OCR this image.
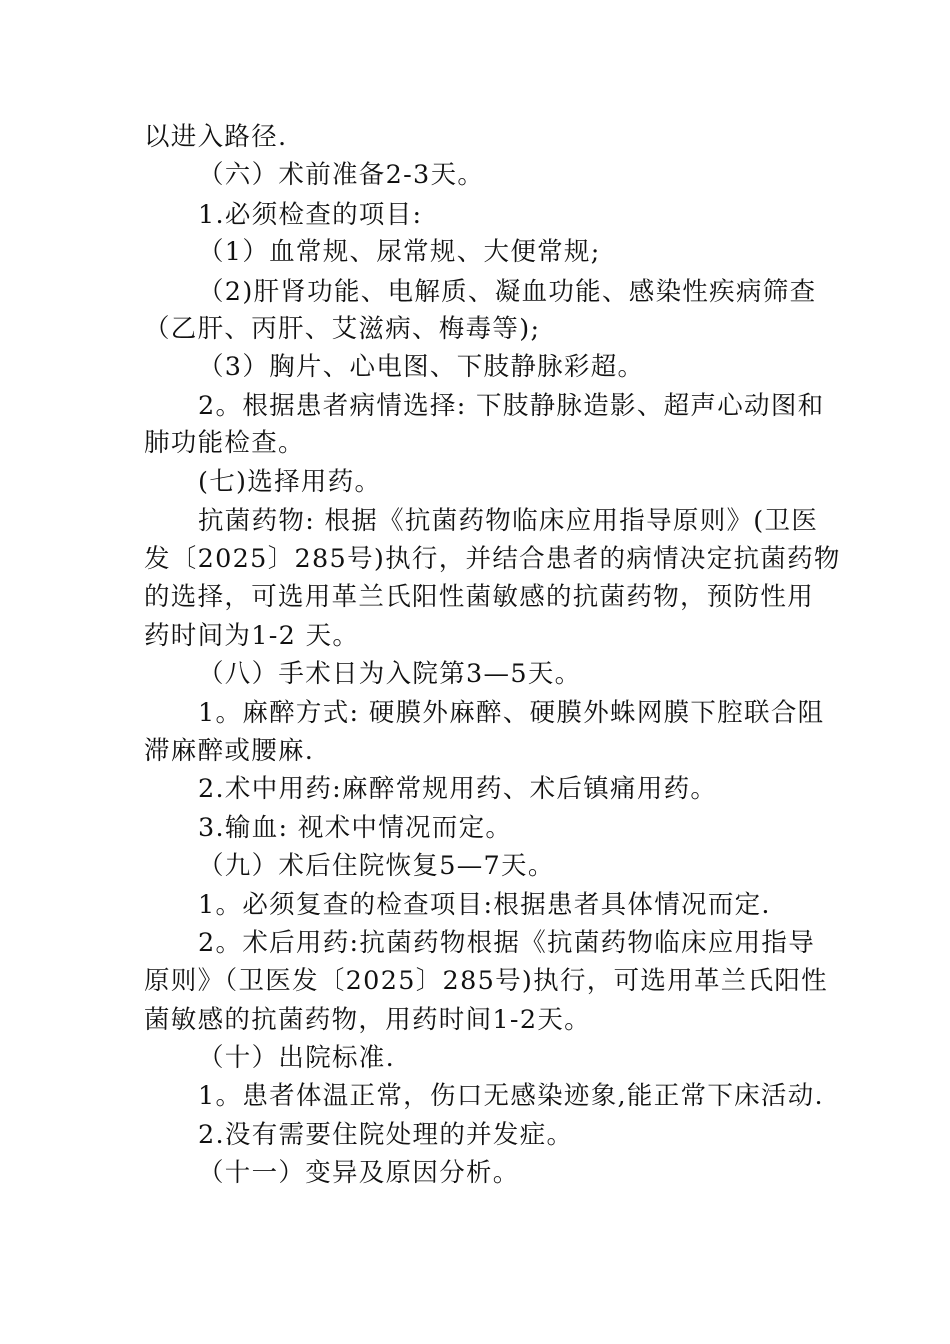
以进入路径.

（六）术前准备2-3天。

1.必须检查的项目:

（1）血常规、尿常规、大便常规;

（2)肝肾功能、电解质、凝血功能、感染性疾病筛查

（乙肝、丙肝、艾滋病、梅毒等);

（3）胸片、心电图、下肢静脉彩超。

2。根据患者病情选择: 下肢静脉造影、超声心动图和

肺功能检查。

(七)选择用药。

抗菌药物: 根据《抗菌药物临床应用指导原则》(卫医

发〔2025〕285号)执行，并结合患者的病情决定抗菌药物

的选择，可选用革兰氏阳性菌敏感的抗菌药物，预防性用

药时间为1-2 天。

（八）手术日为入院第3—5天。

1。麻醉方式: 硬膜外麻醉、硬膜外蛛网膜下腔联合阻

滞麻醉或腰麻.

2.术中用药:麻醉常规用药、术后镇痛用药。

3.输血: 视术中情况而定。

（九）术后住院恢复5—7天。

1。必须复查的检查项目:根据患者具体情况而定.

2。术后用药:抗菌药物根据《抗菌药物临床应用指导

原则》（卫医发〔2025〕285号)执行，可选用革兰氏阳性

菌敏感的抗菌药物，用药时间1-2天。

（十）出院标准.

1。患者体温正常，伤口无感染迹象,能正常下床活动.

2.没有需要住院处理的并发症。

（十一）变异及原因分析。
